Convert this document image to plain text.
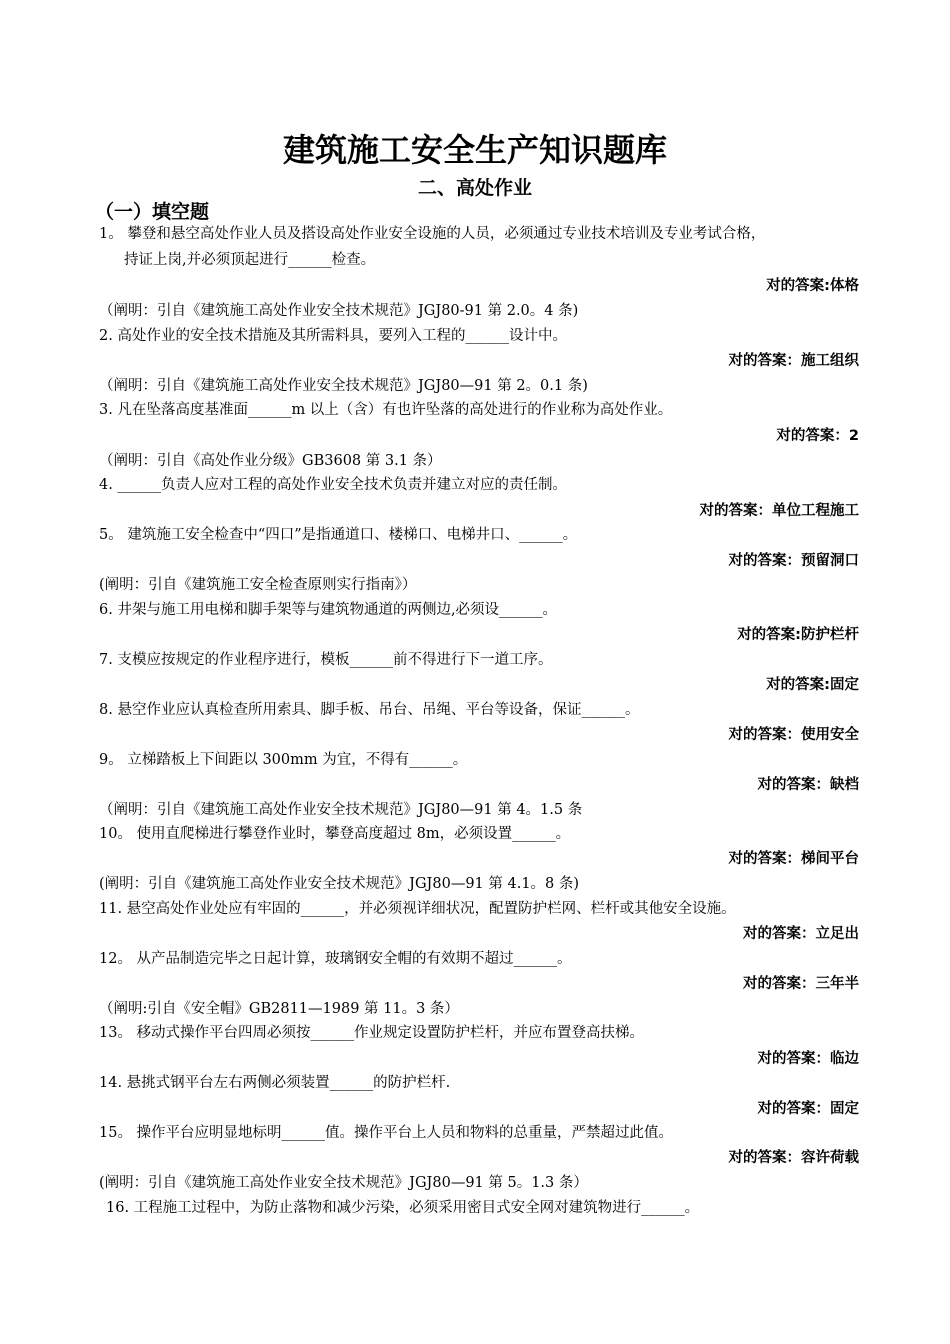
建筑施工安全生产知识题库
二、高处作业
（一）填空题
1。 攀登和悬空高处作业人员及搭设高处作业安全设施的人员，必须通过专业技术培训及专业考试合格，
持证上岗,并必须顶起进行______检查。
对的答案:体格
（阐明：引自《建筑施工高处作业安全技术规范》JGJ80-91 第 2.0。4 条)
2. 高处作业的安全技术措施及其所需料具，要列入工程的______设计中。
对的答案：施工组织
（阐明：引自《建筑施工高处作业安全技术规范》JGJ80—91 第 2。0.1 条)
3. 凡在坠落高度基准面______m 以上（含）有也许坠落的高处进行的作业称为高处作业。
对的答案：2
（阐明：引自《高处作业分级》GB3608 第 3.1 条）
4. ______负责人应对工程的高处作业安全技术负责并建立对应的责任制。
对的答案：单位工程施工
5。 建筑施工安全检查中“四口”是指通道口、楼梯口、电梯井口、______。
对的答案：预留洞口
(阐明：引自《建筑施工安全检查原则实行指南》）
6. 井架与施工用电梯和脚手架等与建筑物通道的两侧边,必须设______。
对的答案:防护栏杆
7. 支模应按规定的作业程序进行，模板______前不得进行下一道工序。
对的答案:固定
8. 悬空作业应认真检查所用索具、脚手板、吊台、吊绳、平台等设备，保证______。
对的答案：使用安全
9。 立梯踏板上下间距以 300mm 为宜，不得有______。
对的答案：缺档
（阐明：引自《建筑施工高处作业安全技术规范》JGJ80—91 第 4。1.5 条
10。 使用直爬梯进行攀登作业时，攀登高度超过 8m，必须设置______。
对的答案：梯间平台
(阐明：引自《建筑施工高处作业安全技术规范》JGJ80—91 第 4.1。8 条)
11. 悬空高处作业处应有牢固的______，并必须视详细状况，配置防护栏网、栏杆或其他安全设施。
对的答案：立足出
12。 从产品制造完毕之日起计算，玻璃钢安全帽的有效期不超过______。
对的答案：三年半
（阐明:引自《安全帽》GB2811—1989 第 11。3 条）
13。 移动式操作平台四周必须按______作业规定设置防护栏杆，并应布置登高扶梯。
对的答案：临边
14. 悬挑式钢平台左右两侧必须装置______的防护栏杆.
对的答案：固定
15。 操作平台应明显地标明______值。操作平台上人员和物料的总重量，严禁超过此值。
对的答案：容许荷载
(阐明：引自《建筑施工高处作业安全技术规范》JGJ80—91 第 5。1.3 条）
16. 工程施工过程中，为防止落物和减少污染，必须采用密目式安全网对建筑物进行______。
